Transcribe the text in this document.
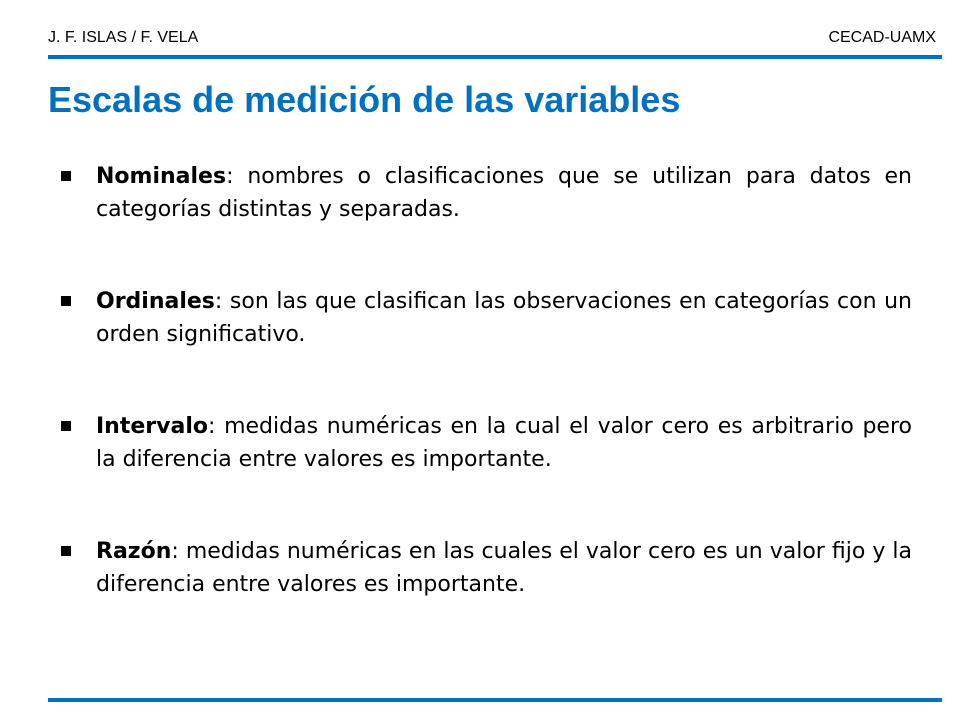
J. F. ISLAS / F. VELA	CECAD-UAMX
Escalas de medición de las variables
Nominales: nombres o clasificaciones que se utilizan para datos en categorías distintas y separadas.
Ordinales: son las que clasifican las observaciones en categorías con un orden significativo.
Intervalo: medidas numéricas en la cual el valor cero es arbitrario pero la diferencia entre valores es importante.
Razón: medidas numéricas en las cuales el valor cero es un valor fijo y la diferencia entre valores es importante.
